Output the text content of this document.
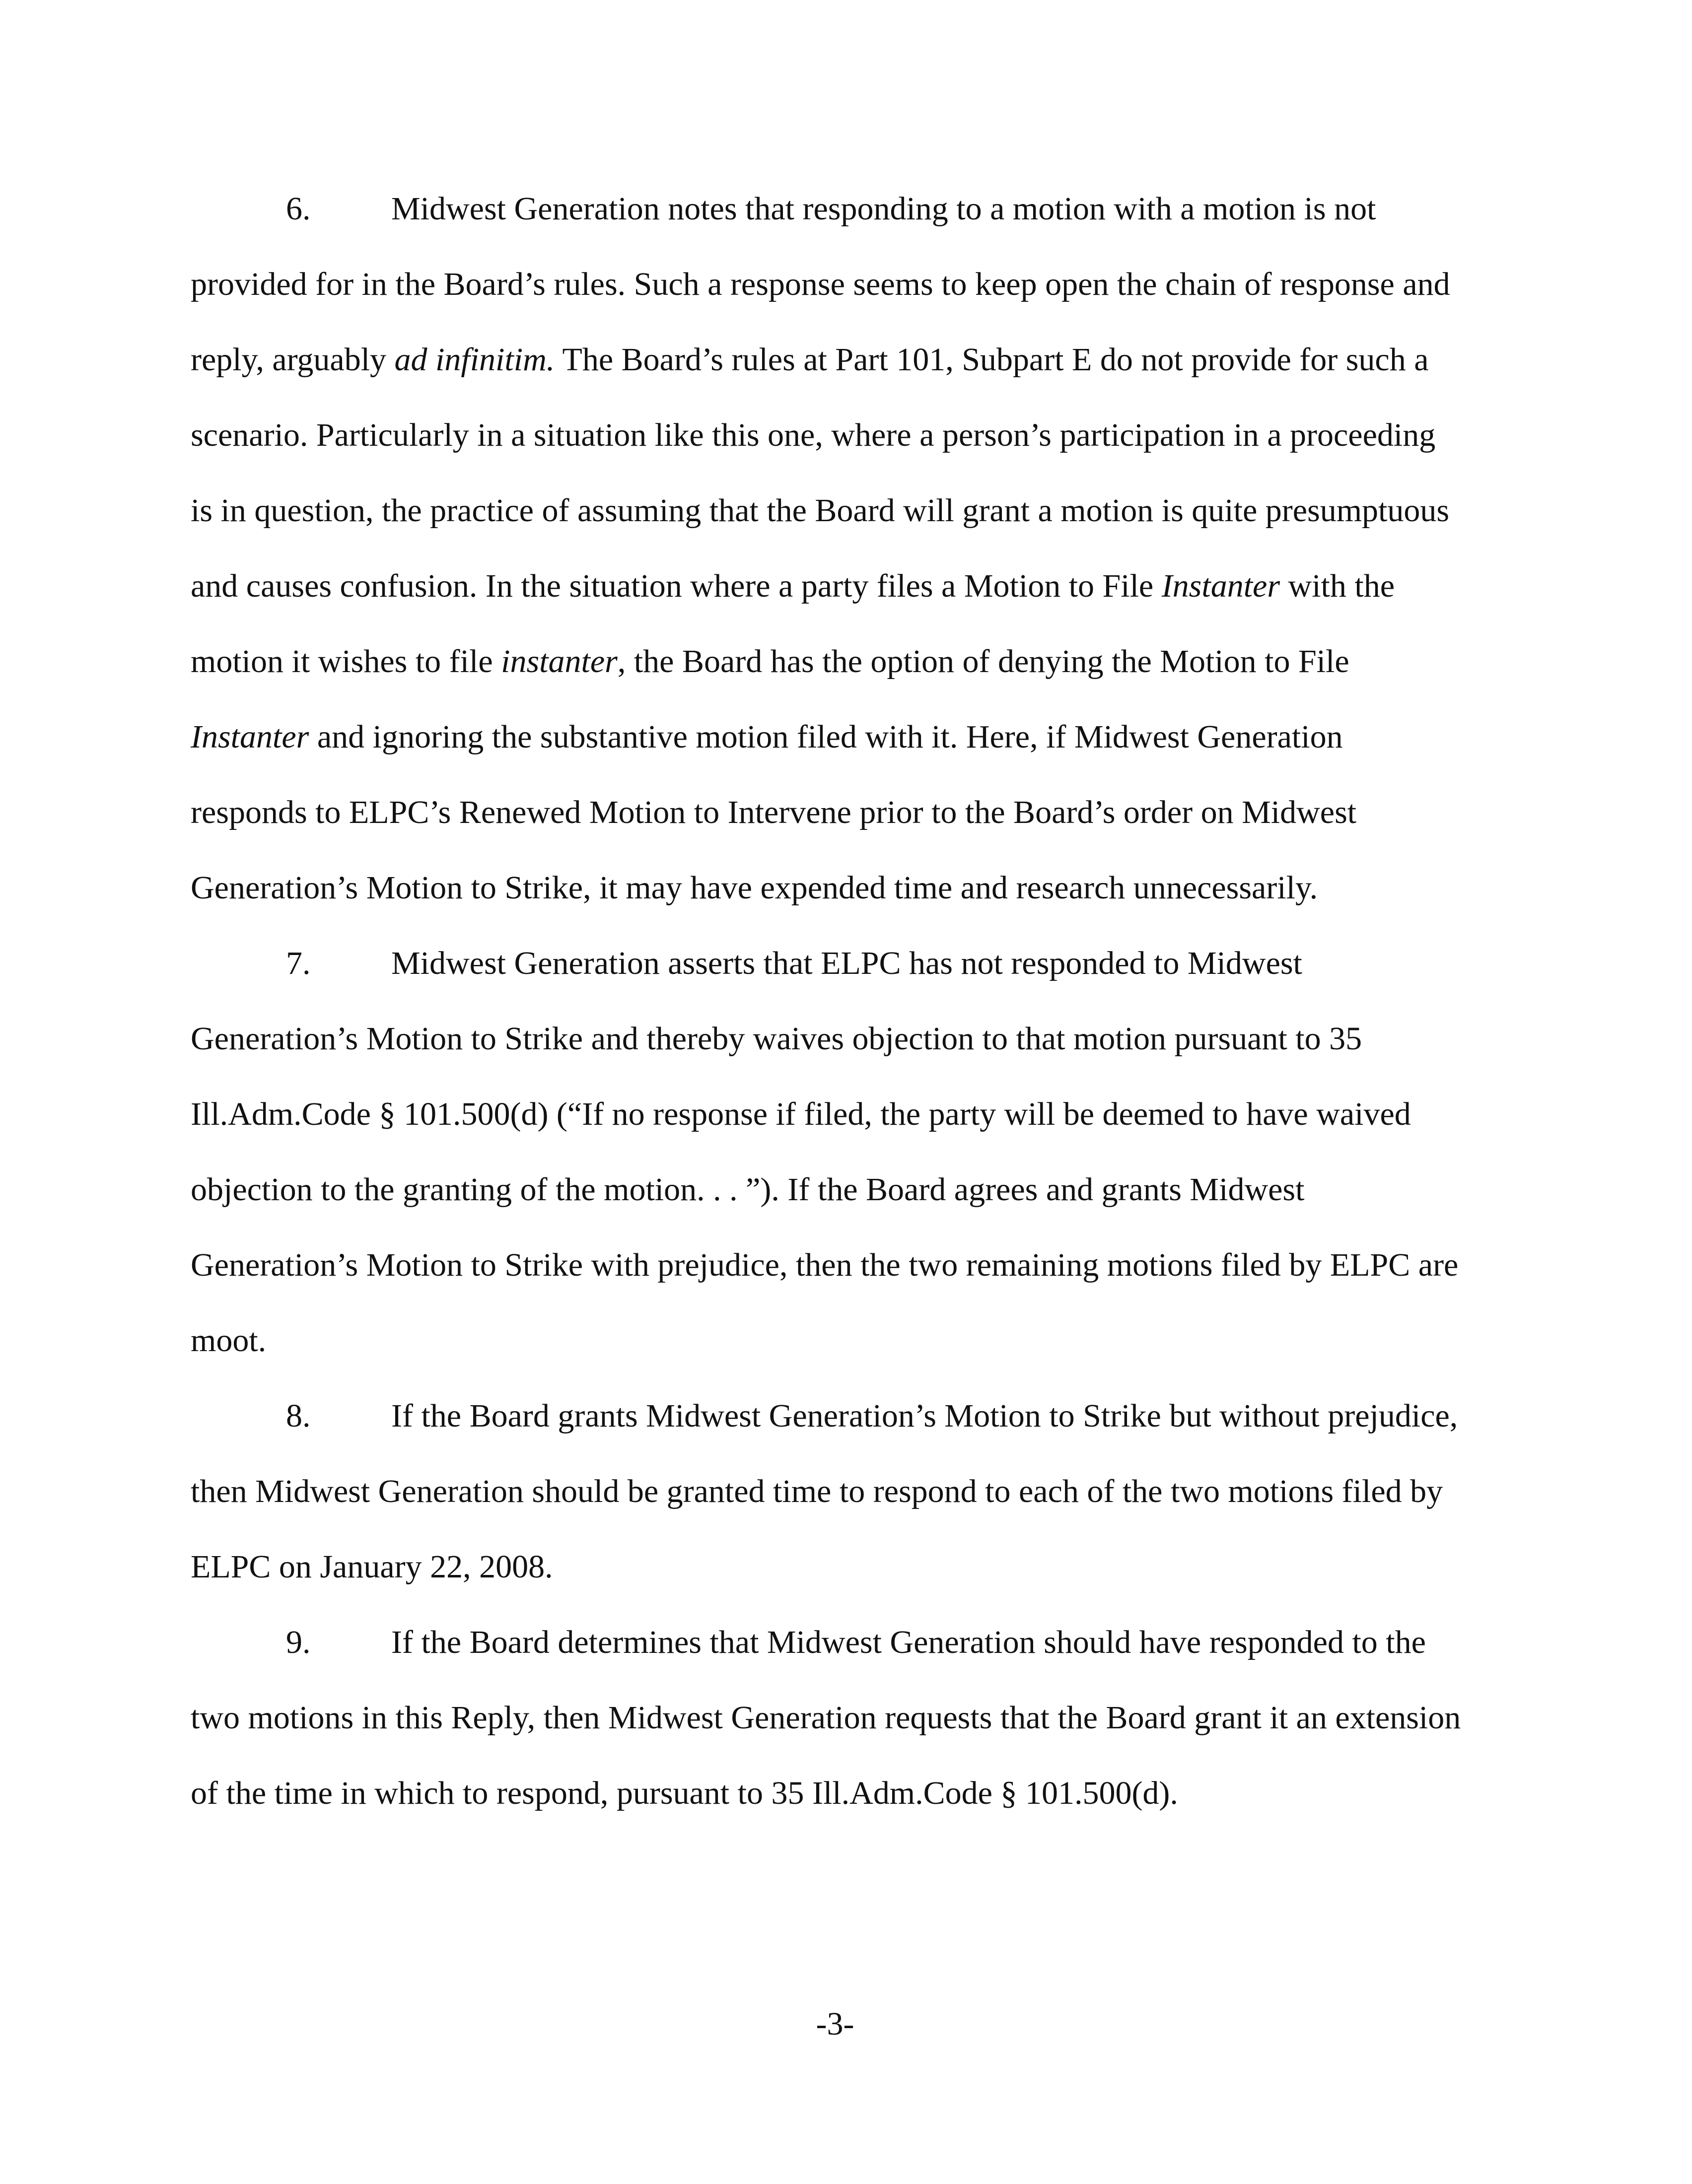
6. Midwest Generation notes that responding to a motion with a motion is not
provided for in the Board’s rules. Such a response seems to keep open the chain of response and
reply, arguably ad infinitim. The Board’s rules at Part 101, Subpart E do not provide for such a
scenario. Particularly in a situation like this one, where a person’s participation in a proceeding
is in question, the practice of assuming that the Board will grant a motion is quite presumptuous
and causes confusion. In the situation where a party files a Motion to File Instanter with the
motion it wishes to file instanter, the Board has the option of denying the Motion to File
Instanter and ignoring the substantive motion filed with it. Here, if Midwest Generation
responds to ELPC’s Renewed Motion to Intervene prior to the Board’s order on Midwest
Generation’s Motion to Strike, it may have expended time and research unnecessarily.
7. Midwest Generation asserts that ELPC has not responded to Midwest
Generation’s Motion to Strike and thereby waives objection to that motion pursuant to 35
Ill.Adm.Code § 101.500(d) (“If no response if filed, the party will be deemed to have waived
objection to the granting of the motion. . . ”). If the Board agrees and grants Midwest
Generation’s Motion to Strike with prejudice, then the two remaining motions filed by ELPC are
moot.
8. If the Board grants Midwest Generation’s Motion to Strike but without prejudice,
then Midwest Generation should be granted time to respond to each of the two motions filed by
ELPC on January 22, 2008.
9. If the Board determines that Midwest Generation should have responded to the
two motions in this Reply, then Midwest Generation requests that the Board grant it an extension
of the time in which to respond, pursuant to 35 Ill.Adm.Code § 101.500(d).
-3-
